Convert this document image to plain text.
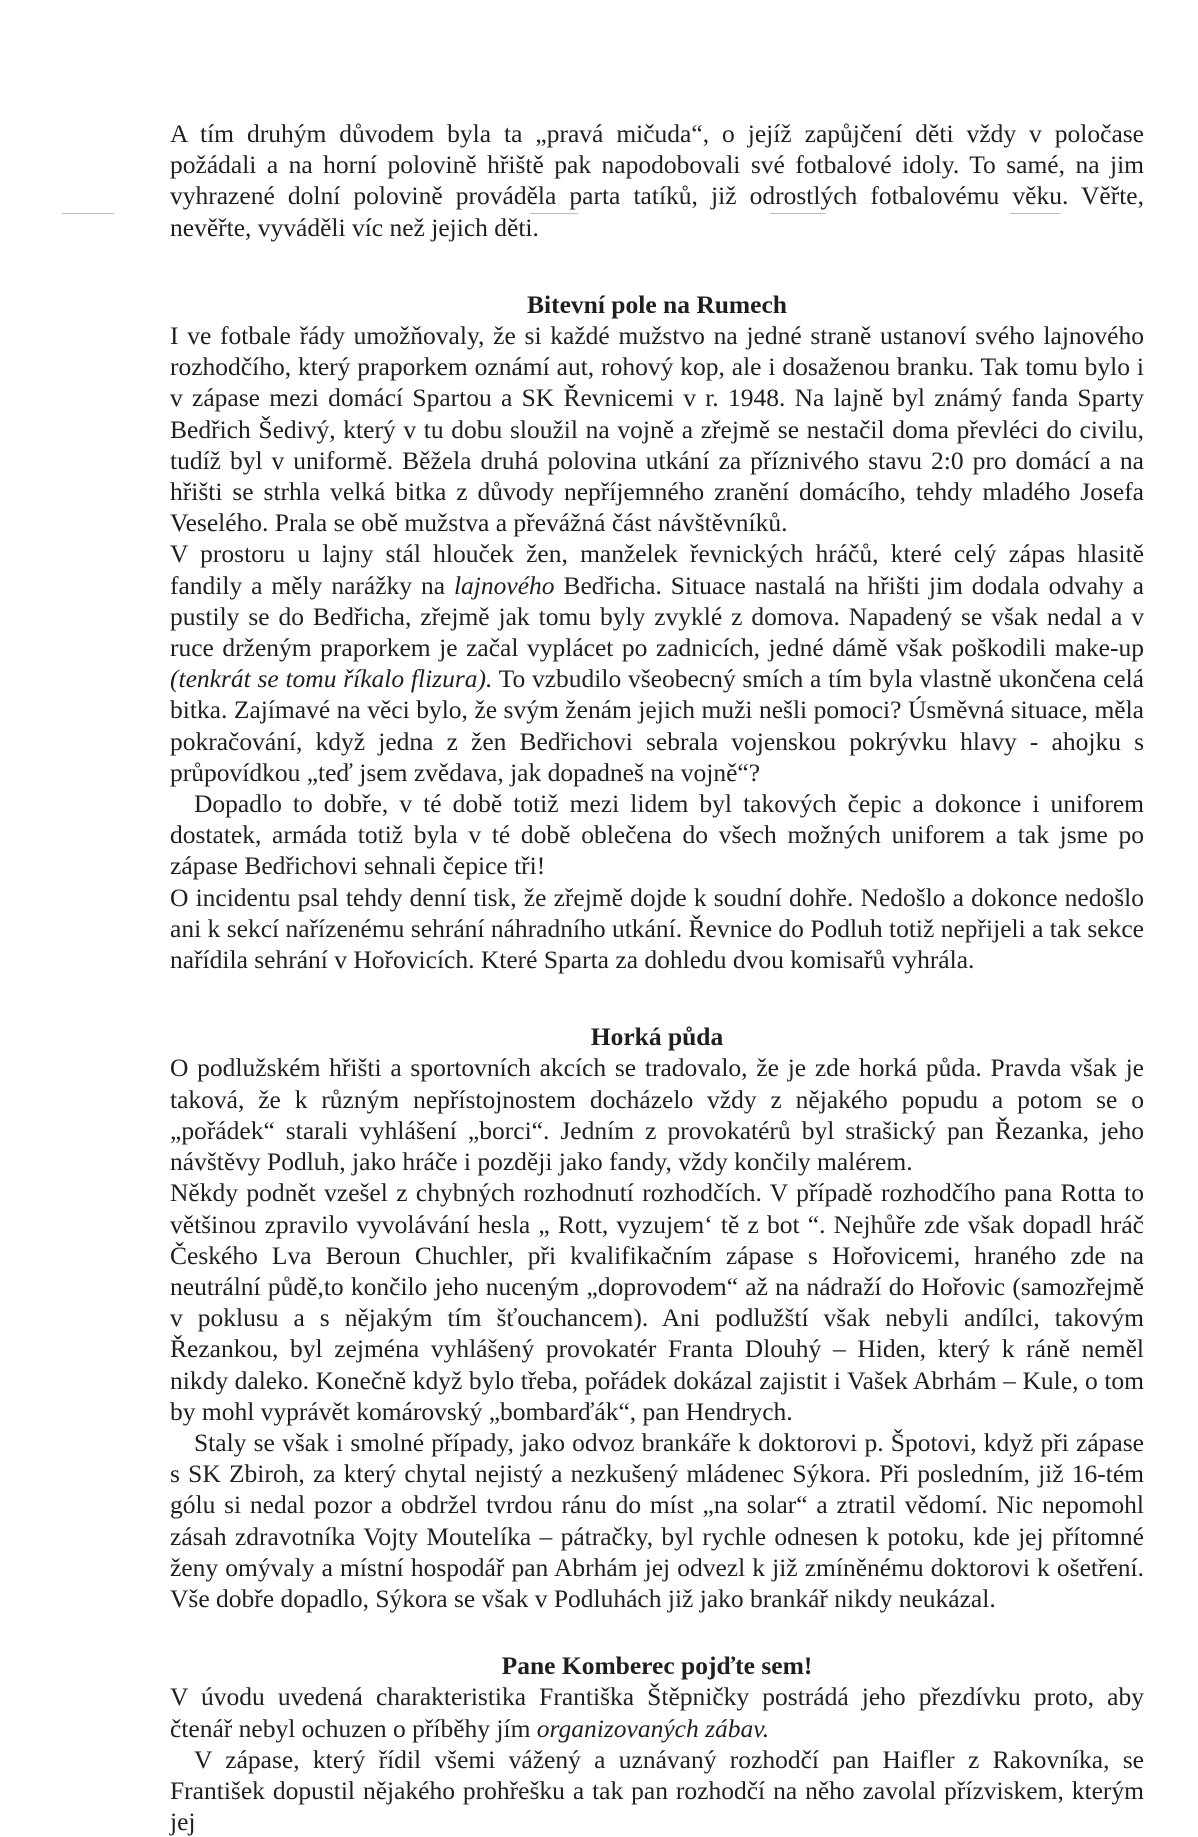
A tím druhým důvodem byla ta „pravá mičuda“, o jejíž zapůjčení děti vždy v poločase požádali a na horní polovině hřiště pak napodobovali své fotbalové idoly. To samé, na jim vyhrazené dolní polovině prováděla parta tatíků, již odrostlých fotbalovému věku. Věřte, nevěřte, vyváděli víc než jejich děti.

Bitevní pole na Rumech

I ve fotbale řády umožňovaly, že si každé mužstvo na jedné straně ustanoví svého lajnového rozhodčího, který praporkem oznámí aut, rohový kop, ale i dosaženou branku. Tak tomu bylo i v zápase mezi domácí Spartou a SK Řevnicemi v r. 1948. Na lajně byl známý fanda Sparty Bedřich Šedivý, který v tu dobu sloužil na vojně a zřejmě se nestačil doma převléci do civilu, tudíž byl v uniformě. Běžela druhá polovina utkání za příznivého stavu 2:0 pro domácí a na hřišti se strhla velká bitka z důvody nepříjemného zranění domácího, tehdy mladého Josefa Veselého. Prala se obě mužstva a převážná část návštěvníků.

V prostoru u lajny stál hlouček žen, manželek řevnických hráčů, které celý zápas hlasitě fandily a měly narážky na lajnového Bedřicha. Situace nastalá na hřišti jim dodala odvahy a pustily se do Bedřicha, zřejmě jak tomu byly zvyklé z domova. Napadený se však nedal a v ruce drženým praporkem je začal vyplácet po zadnicích, jedné dámě však poškodili make-up (tenkrát se tomu říkalo flizura). To vzbudilo všeobecný smích a tím byla vlastně ukončena celá bitka. Zajímavé na věci bylo, že svým ženám jejich muži nešli pomoci? Úsměvná situace, měla pokračování, když jedna z žen Bedřichovi sebrala vojenskou pokrývku hlavy - ahojku s průpovídkou „teď jsem zvědava, jak dopadneš na vojně“?

Dopadlo to dobře, v té době totiž mezi lidem byl takových čepic a dokonce i uniforem dostatek, armáda totiž byla v té době oblečena do všech možných uniforem a tak jsme po zápase Bedřichovi sehnali čepice tři!

O incidentu psal tehdy denní tisk, že zřejmě dojde k soudní dohře. Nedošlo a dokonce nedošlo ani k sekcí nařízenému sehrání náhradního utkání. Řevnice do Podluh totiž nepřijeli a tak sekce nařídila sehrání v Hořovicích. Které Sparta za dohledu dvou komisařů vyhrála.

Horká půda

O podlužském hřišti a sportovních akcích se tradovalo, že je zde horká půda. Pravda však je taková, že k různým nepřístojnostem docházelo vždy z nějakého popudu a potom se o „pořádek“ starali vyhlášení „borci“. Jedním z provokatérů byl strašický pan Řezanka, jeho návštěvy Podluh, jako hráče i později jako fandy, vždy končily malérem.

Někdy podnět vzešel z chybných rozhodnutí rozhodčích. V případě rozhodčího pana Rotta to většinou zpravilo vyvolávání hesla „ Rott, vyzujem‘ tě z bot “. Nejhůře zde však dopadl hráč Českého Lva Beroun Chuchler, při kvalifikačním zápase s Hořovicemi, hraného zde na neutrální půdě,to končilo jeho nuceným „doprovodem“ až na nádraží do Hořovic (samozřejmě v poklusu a s nějakým tím šťouchancem). Ani podlužští však nebyli andílci, takovým Řezankou, byl zejména vyhlášený provokatér Franta Dlouhý – Hiden, který k ráně neměl nikdy daleko. Konečně když bylo třeba, pořádek dokázal zajistit i Vašek Abrhám – Kule, o tom by mohl vyprávět komárovský „bombarďák“, pan Hendrych.

Staly se však i smolné případy, jako odvoz brankáře k doktorovi p. Špotovi, když při zápase s SK Zbiroh, za který chytal nejistý a nezkušený mládenec Sýkora. Při posledním, již 16-tém gólu si nedal pozor a obdržel tvrdou ránu do míst „na solar“ a ztratil vědomí. Nic nepomohl zásah zdravotníka Vojty Moutelíka – pátračky, byl rychle odnesen k potoku, kde jej přítomné ženy omývaly a místní hospodář pan Abrhám jej odvezl k již zmíněnému doktorovi k ošetření. Vše dobře dopadlo, Sýkora se však v Podluhách již jako brankář nikdy neukázal.

Pane Komberec pojďte sem!

V úvodu uvedená charakteristika Františka Štěpničky postrádá jeho přezdívku proto, aby čtenář nebyl ochuzen o příběhy jím organizovaných zábav.

V zápase, který řídil všemi vážený a uznávaný rozhodčí pan Haifler z Rakovníka, se František dopustil nějakého prohřešku a tak pan rozhodčí na něho zavolal přízviskem, kterým jej
